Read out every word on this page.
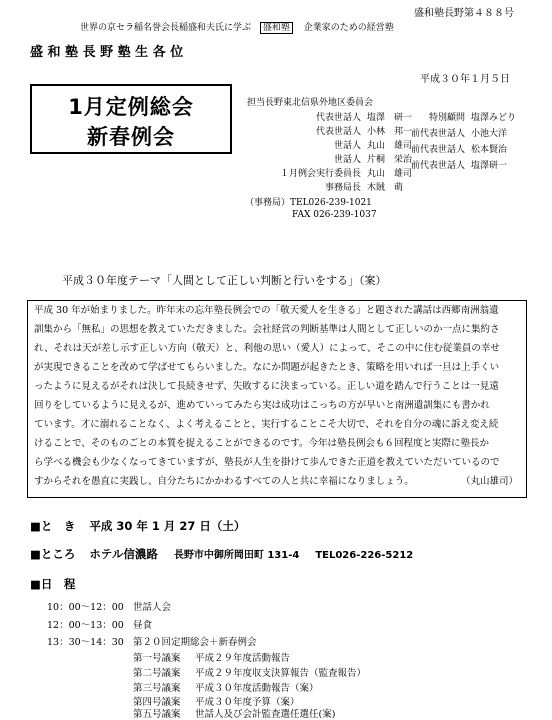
盛和塾長野第４８８号
世界の京セラ稲名誉会長稲盛和夫氏に学ぶ 盛和塾 企業家のための経営塾
盛 和 塾 長 野 塾 生 各 位
平成３０年１月５日
1月定例総会
新春例会
担当長野東北信県外地区委員会
代表世話人 塩澤　研一
代表世話人 小林　邦一
世話人 丸山　雄司
世話人 片桐　栄治
１月例会実行委員長 丸山　雄司
事務局長 木賊　萌
特別顧問 塩澤みどり
前代表世話人 小池大洋
前代表世話人 松本賢治
前代表世話人 塩澤研一
（事務局）TEL026-239-1021
FAX 026-239-1037
平成３０年度テーマ「人間として正しい判断と行いをする」（案）
平成 30 年が始まりました。昨年末の忘年塾長例会での「敬天愛人を生きる」と題された講話は西郷南洲翁遺
訓集から「無私」の思想を教えていただきました。会社経営の判断基準は人間として正しいのか一点に集約さ
れ、それは天が差し示す正しい方向（敬天）と、利他の思い（愛人）によって、そこの中に住む従業員の幸せ
が実現できることを改めて学ばせてもらいました。なにか問題が起きたとき、策略を用いれば一旦は上手くい
ったように見えるがそれは決して長続きせず、失敗するに決まっている。正しい道を踏んで行うことは一見遠
回りをしているように見えるが、進めていってみたら実は成功はこっちの方が早いと南洲遺訓集にも書かれ
ています。才に溺れることなく、よく考えることと、実行することこそ大切で、それを自分の魂に訴え変え続
けることで、そのものごとの本質を捉えることができるのです。今年は塾長例会も６回程度と実際に塾長か
ら学べる機会も少なくなってきていますが、塾長が人生を掛けて歩んできた正道を教えていただいているので
すからそれを愚直に実践し、自分たちにかかわるすべての人と共に幸福になりましょう。	（丸山雄司）
■と　き 平成 30 年 1 月 27 日（土）
■ところ ホテル信濃路 長野市中御所岡田町 131-4 TEL026-226-5212
■日　程
10：00～12：00 世話人会
12：00～13：00 昼食
13：30～14：30 第２０回定期総会＋新春例会
第一号議案 平成２９年度活動報告
第二号議案 平成２９年度収支決算報告（監査報告）
第三号議案 平成３０年度活動報告（案）
第四号議案 平成３０年度予算（案）
第五号議案 世話人及び会計監査選任選任(案)
